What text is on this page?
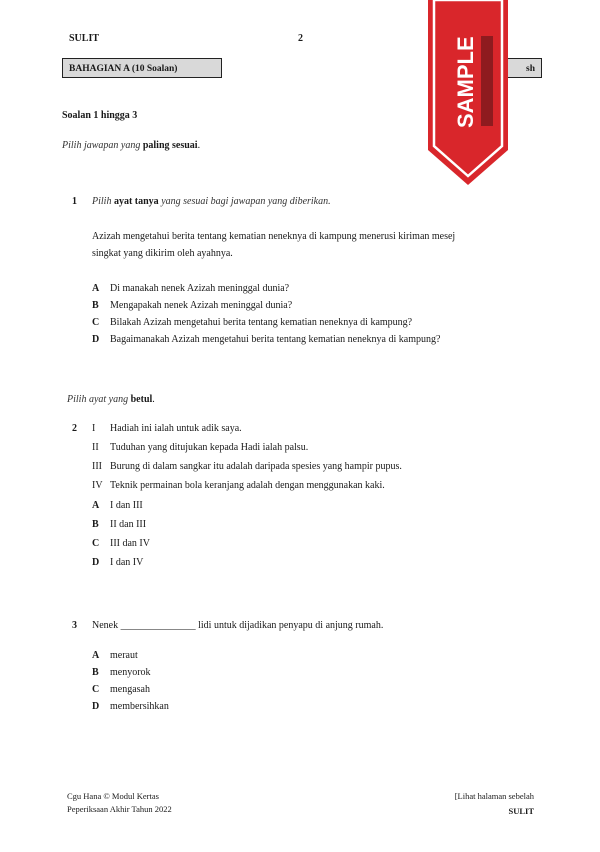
SULIT	2
BAHAGIAN A (10 Soalan)	sh
SAMPLE
Soalan 1 hingga 3
Pilih jawapan yang paling sesuai.
1 Pilih ayat tanya yang sesuai bagi jawapan yang diberikan.
Azizah mengetahui berita tentang kematian neneknya di kampung menerusi kiriman mesej
singkat yang dikirim oleh ayahnya.
A Di manakah nenek Azizah meninggal dunia?
B Mengapakah nenek Azizah meninggal dunia?
C Bilakah Azizah mengetahui berita tentang kematian neneknya di kampung?
D Bagaimanakah Azizah mengetahui berita tentang kematian neneknya di kampung?
Pilih ayat yang betul.
2 I Hadiah ini ialah untuk adik saya.
II Tuduhan yang ditujukan kepada Hadi ialah palsu.
III Burung di dalam sangkar itu adalah daripada spesies yang hampir pupus.
IV Teknik permainan bola keranjang adalah dengan menggunakan kaki.
A I dan III
B II dan III
C III dan IV
D I dan IV
3 Nenek _______________ lidi untuk dijadikan penyapu di anjung rumah.
A meraut
B menyorok
C mengasah
D membersihkan
Cgu Hana © Modul Kertas
Peperiksaan Akhir Tahun 2022
[Lihat halaman sebelah
SULIT
